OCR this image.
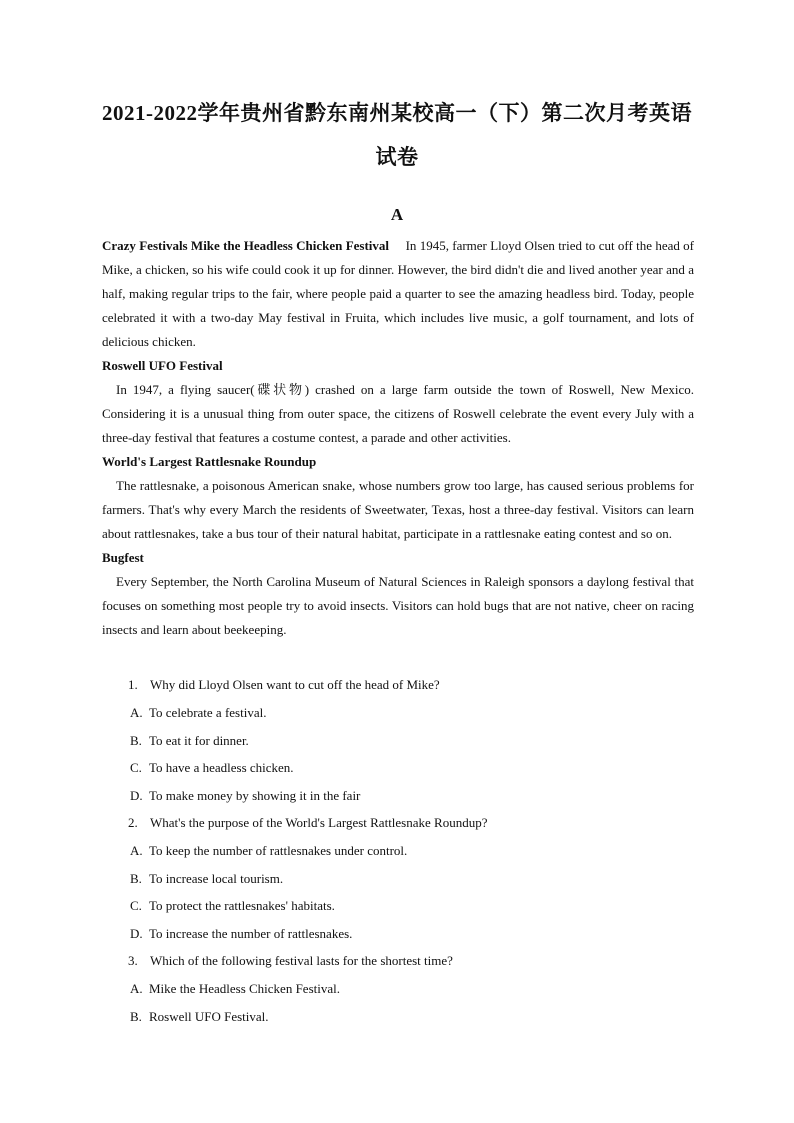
2021-2022学年贵州省黔东南州某校高一（下）第二次月考英语
试卷
A

Crazy Festivals Mike the Headless Chicken Festival In 1945, farmer Lloyd Olsen tried to cut off the head of Mike, a chicken, so his wife could cook it up for dinner. However, the bird didn't die and lived another year and a half, making regular trips to the fair, where people paid a quarter to see the amazing headless bird. Today, people celebrated it with a two-day May festival in Fruita, which includes live music, a golf tournament, and lots of delicious chicken.

Roswell UFO Festival

In 1947, a flying saucer(碟状物) crashed on a large farm outside the town of Roswell, New Mexico. Considering it is a unusual thing from outer space, the citizens of Roswell celebrate the event every July with a three-day festival that features a costume contest, a parade and other activities.

World's Largest Rattlesnake Roundup

The rattlesnake, a poisonous American snake, whose numbers grow too large, has caused serious problems for farmers. That's why every March the residents of Sweetwater, Texas, host a three-day festival. Visitors can learn about rattlesnakes, take a bus tour of their natural habitat, participate in a rattlesnake eating contest and so on.

Bugfest

Every September, the North Carolina Museum of Natural Sciences in Raleigh sponsors a daylong festival that focuses on something most people try to avoid insects. Visitors can hold bugs that are not native, cheer on racing insects and learn about beekeeping.

1. Why did Lloyd Olsen want to cut off the head of Mike?
A. To celebrate a festival.
B. To eat it for dinner.
C. To have a headless chicken.
D. To make money by showing it in the fair
2. What's the purpose of the World's Largest Rattlesnake Roundup?
A. To keep the number of rattlesnakes under control.
B. To increase local tourism.
C. To protect the rattlesnakes' habitats.
D. To increase the number of rattlesnakes.
3. Which of the following festival lasts for the shortest time?
A. Mike the Headless Chicken Festival.
B. Roswell UFO Festival.
